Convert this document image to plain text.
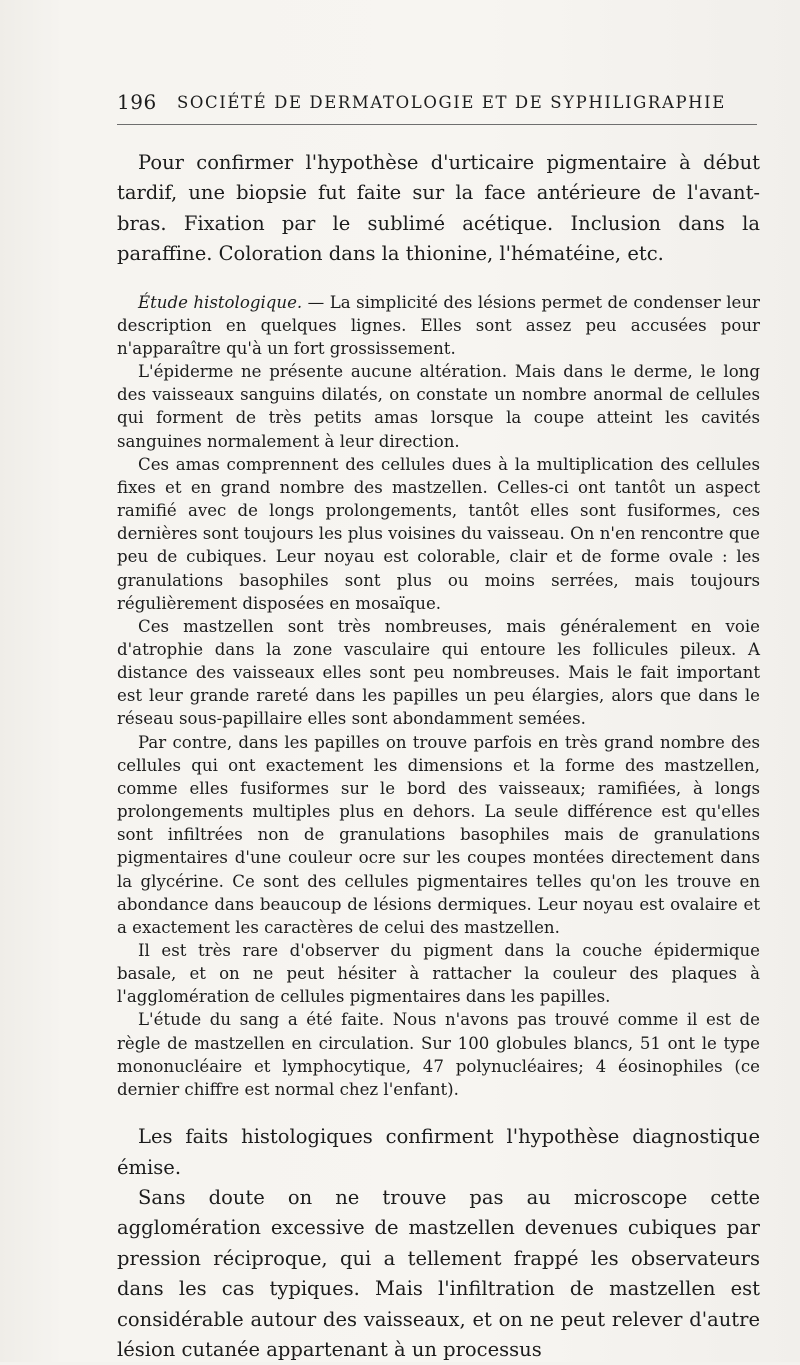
196 SOCIÉTÉ DE DERMATOLOGIE ET DE SYPHILIGRAPHIE

Pour confirmer l'hypothèse d'urticaire pigmentaire à début tardif, une biopsie fut faite sur la face antérieure de l'avant-bras. Fixation par le sublimé acétique. Inclusion dans la paraffine. Coloration dans la thionine, l'hématéine, etc.

Étude histologique. — La simplicité des lésions permet de condenser leur description en quelques lignes. Elles sont assez peu accusées pour n'apparaître qu'à un fort grossissement.

L'épiderme ne présente aucune altération. Mais dans le derme, le long des vaisseaux sanguins dilatés, on constate un nombre anormal de cellules qui forment de très petits amas lorsque la coupe atteint les cavités sanguines normalement à leur direction.

Ces amas comprennent des cellules dues à la multiplication des cellules fixes et en grand nombre des mastzellen. Celles-ci ont tantôt un aspect ramifié avec de longs prolongements, tantôt elles sont fusiformes, ces dernières sont toujours les plus voisines du vaisseau. On n'en rencontre que peu de cubiques. Leur noyau est colorable, clair et de forme ovale : les granulations basophiles sont plus ou moins serrées, mais toujours régulièrement disposées en mosaïque.

Ces mastzellen sont très nombreuses, mais généralement en voie d'atrophie dans la zone vasculaire qui entoure les follicules pileux. A distance des vaisseaux elles sont peu nombreuses. Mais le fait important est leur grande rareté dans les papilles un peu élargies, alors que dans le réseau sous-papillaire elles sont abondamment semées.

Par contre, dans les papilles on trouve parfois en très grand nombre des cellules qui ont exactement les dimensions et la forme des mastzellen, comme elles fusiformes sur le bord des vaisseaux; ramifiées, à longs prolongements multiples plus en dehors. La seule différence est qu'elles sont infiltrées non de granulations basophiles mais de granulations pigmentaires d'une couleur ocre sur les coupes montées directement dans la glycérine. Ce sont des cellules pigmentaires telles qu'on les trouve en abondance dans beaucoup de lésions dermiques. Leur noyau est ovalaire et a exactement les caractères de celui des mastzellen.

Il est très rare d'observer du pigment dans la couche épidermique basale, et on ne peut hésiter à rattacher la couleur des plaques à l'agglomération de cellules pigmentaires dans les papilles.

L'étude du sang a été faite. Nous n'avons pas trouvé comme il est de règle de mastzellen en circulation. Sur 100 globules blancs, 51 ont le type mononucléaire et lymphocytique, 47 polynucléaires; 4 éosinophiles (ce dernier chiffre est normal chez l'enfant).

Les faits histologiques confirment l'hypothèse diagnostique émise.

Sans doute on ne trouve pas au microscope cette agglomération excessive de mastzellen devenues cubiques par pression réciproque, qui a tellement frappé les observateurs dans les cas typiques. Mais l'infiltration de mastzellen est considérable autour des vaisseaux, et on ne peut relever d'autre lésion cutanée appartenant à un processus
